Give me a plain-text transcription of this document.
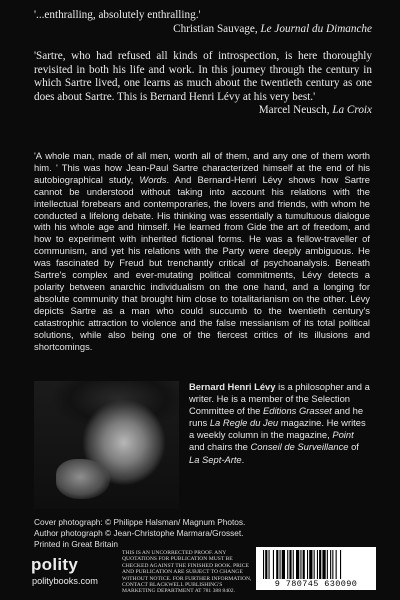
'...enthralling, absolutely enthralling.'
Christian Sauvage, Le Journal du Dimanche
'Sartre, who had refused all kinds of introspection, is here thoroughly revisited in both his life and work. In this journey through the century in which Sartre lived, one learns as much about the twentieth century as one does about Sartre. This is Bernard Henri Lévy at his very best.'
Marcel Neusch, La Croix
'A whole man, made of all men, worth all of them, and any one of them worth him. ' This was how Jean-Paul Sartre characterized himself at the end of his autobiographical study, Words. And Bernard-Henri Lévy shows how Sartre cannot be understood without taking into account his relations with the intellectual forebears and contemporaries, the lovers and friends, with whom he conducted a lifelong debate. His thinking was essentially a tumultuous dialogue with his whole age and himself. He learned from Gide the art of freedom, and how to experiment with inherited fictional forms. He was a fellow-traveller of communism, and yet his relations with the Party were deeply ambiguous. He was fascinated by Freud but trenchantly critical of psychoanalysis. Beneath Sartre's complex and ever-mutating political commitments, Lévy detects a polarity between anarchic individualism on the one hand, and a longing for absolute community that brought him close to totalitarianism on the other. Lévy depicts Sartre as a man who could succumb to the twentieth century's catastrophic attraction to violence and the false messianism of its total political solutions, while also being one of the fiercest critics of its illusions and shortcomings.
Bernard Henri Lévy is a philosopher and a writer. He is a member of the Selection Committee of the Editions Grasset and he runs La Regle du Jeu magazine. He writes a weekly column in the magazine, Point and chairs the Conseil de Surveillance of La Sept-Arte.
Cover photograph: © Philippe Halsman/ Magnum Photos.
Author photograph © Jean-Christophe Marmara/Grosset.
Printed in Great Britain
polity
politybooks.com
THIS IS AN UNCORRECTED PROOF. ANY QUOTATIONS FOR PUBLICATION MUST BE CHECKED AGAINST THE FINISHED BOOK. PRICE AND PUBLICATION ARE SUBJECT TO CHANGE WITHOUT NOTICE. FOR FURTHER INFORMATION, CONTACT BLACKWELL PUBLISHING'S MARKETING DEPARTMENT AT 781 388 8402.
9 780745 630090
